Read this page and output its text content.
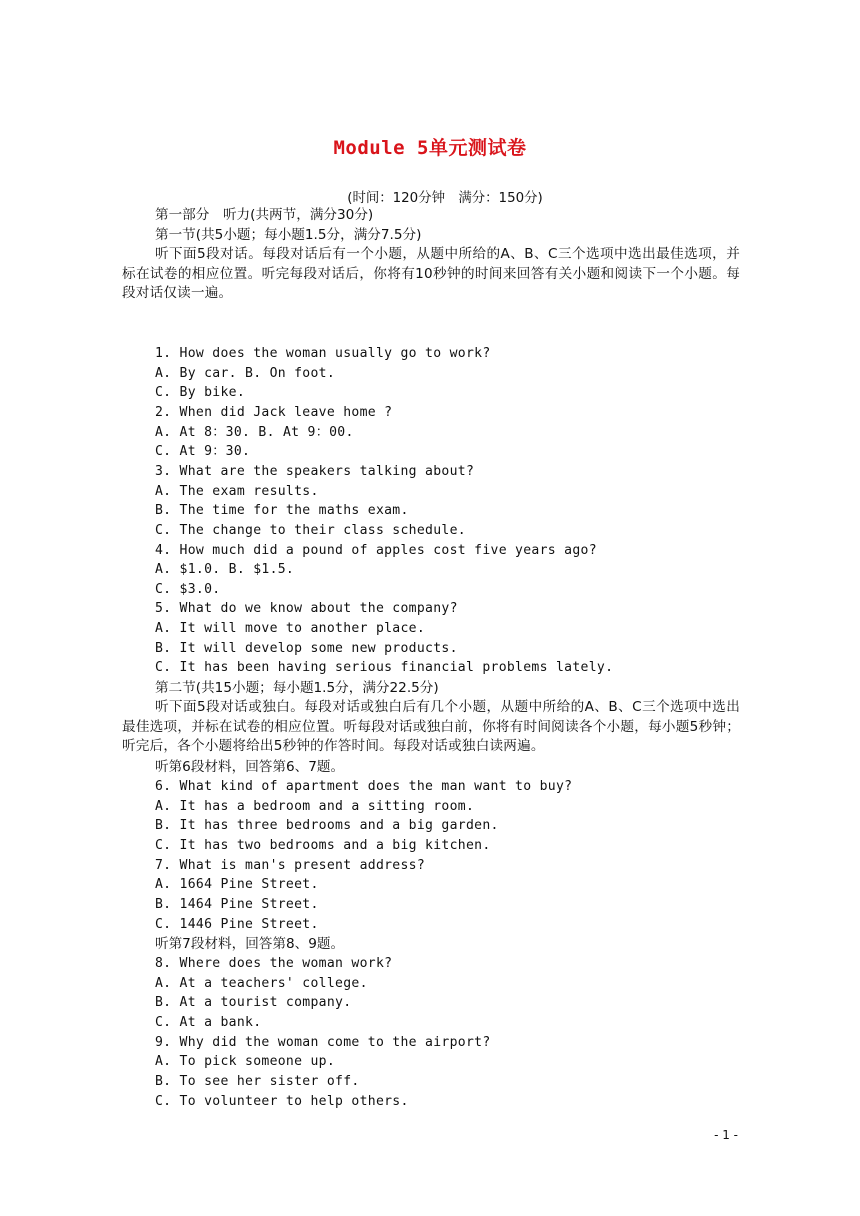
Module 5单元测试卷
(时间：120分钟　满分：150分)
第一部分　听力(共两节，满分30分)
第一节(共5小题；每小题1.5分，满分7.5分)
听下面5段对话。每段对话后有一个小题，从题中所给的A、B、C三个选项中选出最佳选项，并标在试卷的相应位置。听完每段对话后，你将有10秒钟的时间来回答有关小题和阅读下一个小题。每段对话仅读一遍。
1. How does the woman usually go to work?
A. By car. B. On foot.
C. By bike.
2. When did Jack leave home ?
A. At 8：30. B. At 9：00.
C. At 9：30.
3. What are the speakers talking about?
A. The exam results.
B. The time for the maths exam.
C. The change to their class schedule.
4. How much did a pound of apples cost five years ago?
A. $1.0. B. $1.5.
C. $3.0.
5. What do we know about the company?
A. It will move to another place.
B. It will develop some new products.
C. It has been having serious financial problems lately.
第二节(共15小题；每小题1.5分，满分22.5分)
听下面5段对话或独白。每段对话或独白后有几个小题，从题中所给的A、B、C三个选项中选出最佳选项，并标在试卷的相应位置。听每段对话或独白前，你将有时间阅读各个小题，每小题5秒钟；听完后，各个小题将给出5秒钟的作答时间。每段对话或独白读两遍。
听第6段材料，回答第6、7题。
6. What kind of apartment does the man want to buy?
A. It has a bedroom and a sitting room.
B. It has three bedrooms and a big garden.
C. It has two bedrooms and a big kitchen.
7. What is man's present address?
A. 1664 Pine Street.
B. 1464 Pine Street.
C. 1446 Pine Street.
听第7段材料，回答第8、9题。
8. Where does the woman work?
A. At a teachers' college.
B. At a tourist company.
C. At a bank.
9. Why did the woman come to the airport?
A. To pick someone up.
B. To see her sister off.
C. To volunteer to help others.
- 1 -
